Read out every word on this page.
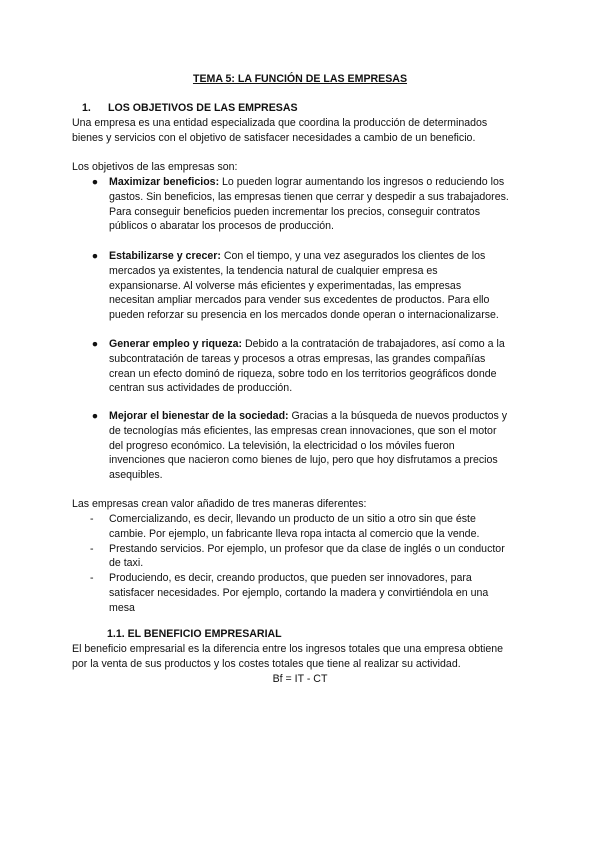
TEMA 5: LA FUNCIÓN DE LAS EMPRESAS
1. LOS OBJETIVOS DE LAS EMPRESAS

Una empresa es una entidad especializada que coordina la producción de determinados

bienes y servicios con el objetivo de satisfacer necesidades a cambio de un beneficio.

Los objetivos de las empresas son:
● Maximizar beneficios: Lo pueden lograr aumentando los ingresos o reduciendo los

gastos. Sin beneficios, las empresas tienen que cerrar y despedir a sus trabajadores.

Para conseguir beneficios pueden incrementar los precios, conseguir contratos

públicos o abaratar los procesos de producción.

● Estabilizarse y crecer: Con el tiempo, y una vez asegurados los clientes de los

mercados ya existentes, la tendencia natural de cualquier empresa es

expansionarse. Al volverse más eficientes y experimentadas, las empresas

necesitan ampliar mercados para vender sus excedentes de productos. Para ello

pueden reforzar su presencia en los mercados donde operan o internacionalizarse.

● Generar empleo y riqueza: Debido a la contratación de trabajadores, así como a la

subcontratación de tareas y procesos a otras empresas, las grandes compañías

crean un efecto dominó de riqueza, sobre todo en los territorios geográficos donde

centran sus actividades de producción.

● Mejorar el bienestar de la sociedad: Gracias a la búsqueda de nuevos productos y

de tecnologías más eficientes, las empresas crean innovaciones, que son el motor

del progreso económico. La televisión, la electricidad o los móviles fueron

invenciones que nacieron como bienes de lujo, pero que hoy disfrutamos a precios

asequibles.

Las empresas crean valor añadido de tres maneras diferentes:
- Comercializando, es decir, llevando un producto de un sitio a otro sin que éste

cambie. Por ejemplo, un fabricante lleva ropa intacta al comercio que la vende.

- Prestando servicios. Por ejemplo, un profesor que da clase de inglés o un conductor

de taxi.

- Produciendo, es decir, creando productos, que pueden ser innovadores, para

satisfacer necesidades. Por ejemplo, cortando la madera y convirtiéndola en una

mesa

1.1. EL BENEFICIO EMPRESARIAL

El beneficio empresarial es la diferencia entre los ingresos totales que una empresa obtiene

por la venta de sus productos y los costes totales que tiene al realizar su actividad.

Bf = IT - CT
